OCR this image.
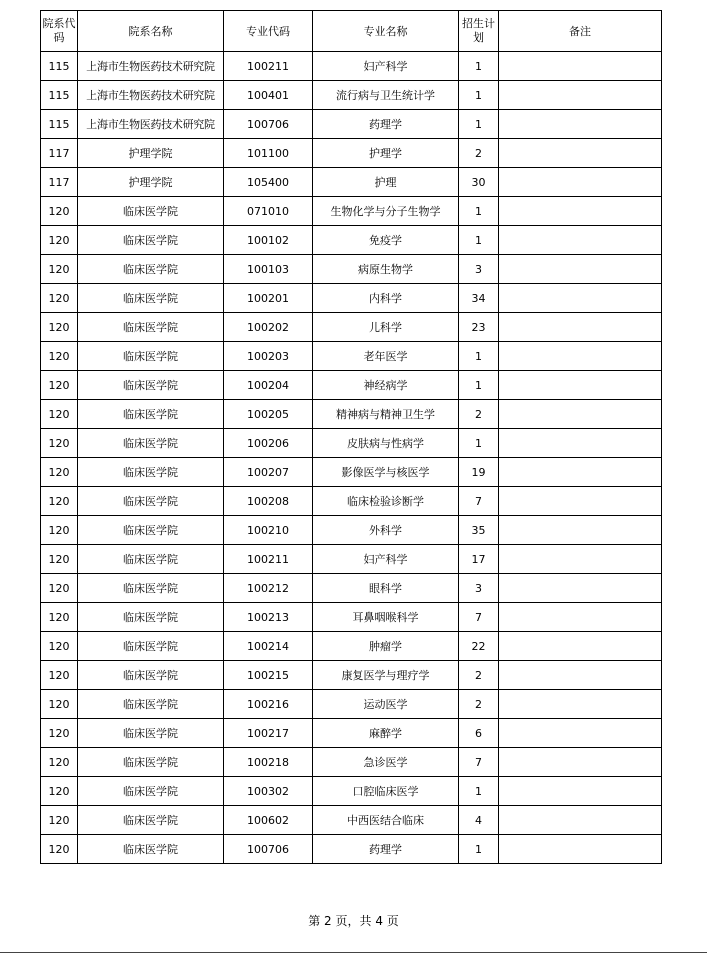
院系代码	院系名称	专业代码	专业名称	招生计划	备注
115	上海市生物医药技术研究院	100211	妇产科学	1	
115	上海市生物医药技术研究院	100401	流行病与卫生统计学	1	
115	上海市生物医药技术研究院	100706	药理学	1	
117	护理学院	101100	护理学	2	
117	护理学院	105400	护理	30	
120	临床医学院	071010	生物化学与分子生物学	1	
120	临床医学院	100102	免疫学	1	
120	临床医学院	100103	病原生物学	3	
120	临床医学院	100201	内科学	34	
120	临床医学院	100202	儿科学	23	
120	临床医学院	100203	老年医学	1	
120	临床医学院	100204	神经病学	1	
120	临床医学院	100205	精神病与精神卫生学	2	
120	临床医学院	100206	皮肤病与性病学	1	
120	临床医学院	100207	影像医学与核医学	19	
120	临床医学院	100208	临床检验诊断学	7	
120	临床医学院	100210	外科学	35	
120	临床医学院	100211	妇产科学	17	
120	临床医学院	100212	眼科学	3	
120	临床医学院	100213	耳鼻咽喉科学	7	
120	临床医学院	100214	肿瘤学	22	
120	临床医学院	100215	康复医学与理疗学	2	
120	临床医学院	100216	运动医学	2	
120	临床医学院	100217	麻醉学	6	
120	临床医学院	100218	急诊医学	7	
120	临床医学院	100302	口腔临床医学	1	
120	临床医学院	100602	中西医结合临床	4	
120	临床医学院	100706	药理学	1	
第 2 页，共 4 页
